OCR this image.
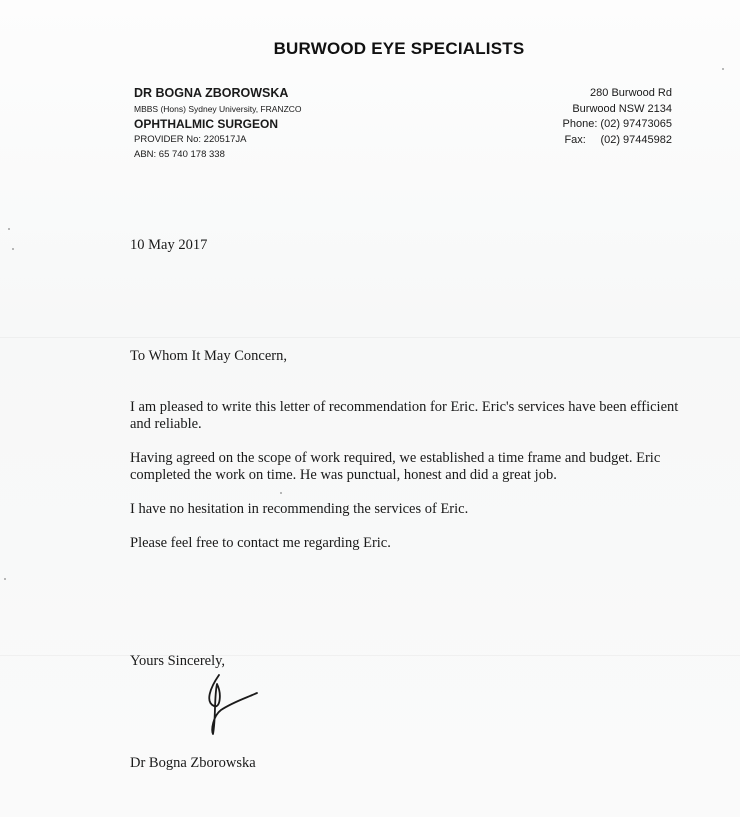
BURWOOD EYE SPECIALISTS
DR BOGNA ZBOROWSKA
MBBS (Hons) Sydney University, FRANZCO
OPHTHALMIC SURGEON
PROVIDER No: 220517JA
ABN: 65 740 178 338
280 Burwood Rd
Burwood NSW 2134
Phone: (02) 97473065
Fax: (02) 97445982
10 May 2017
To Whom It May Concern,
I am pleased to write this letter of recommendation for Eric. Eric's services have been efficient and reliable.
Having agreed on the scope of work required, we established a time frame and budget. Eric completed the work on time. He was punctual, honest and did a great job.
I have no hesitation in recommending the services of Eric.
Please feel free to contact me regarding Eric.
Yours Sincerely,
Dr Bogna Zborowska
